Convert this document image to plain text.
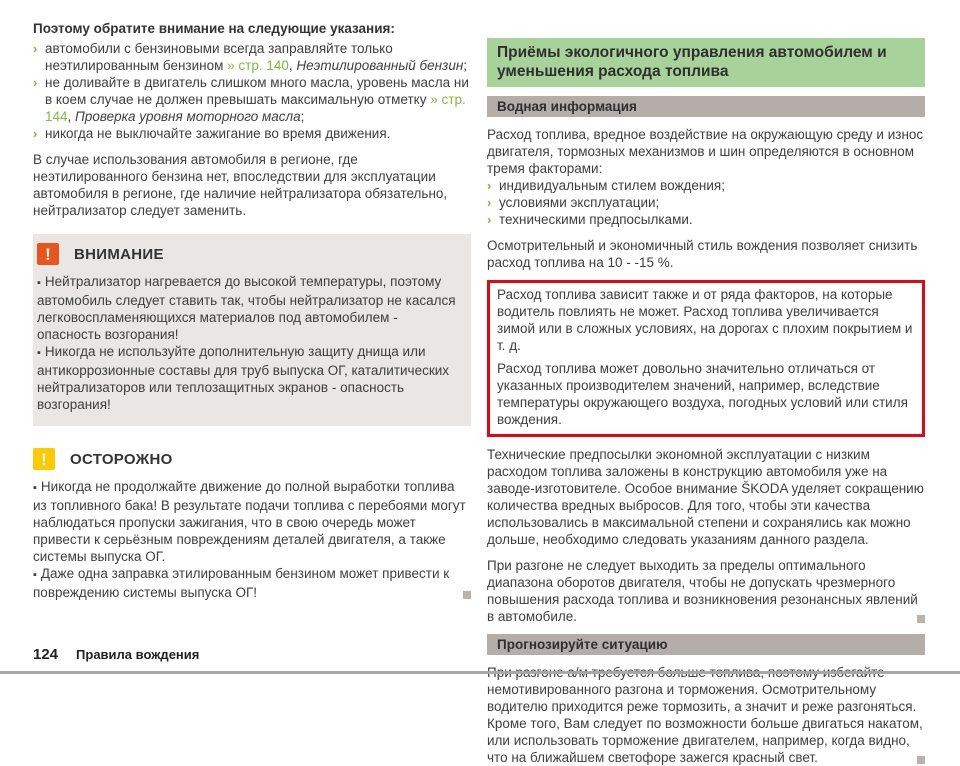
Поэтому обратите внимание на следующие указания:

› автомобили с бензиновыми всегда заправляйте только неэтилированным бензином » стр. 140, Неэтилированный бензин;
› не доливайте в двигатель слишком много масла, уровень масла ни в коем случае не должен превышать максимальную отметку » стр. 144, Проверка уровня моторного масла;
› никогда не выключайте зажигание во время движения.

В случае использования автомобиля в регионе, где неэтилированного бензина нет, впоследствии для эксплуатации автомобиля в регионе, где наличие нейтрализатора обязательно, нейтрализатор следует заменить.

! ВНИМАНИЕ

▪ Нейтрализатор нагревается до высокой температуры, поэтому автомобиль следует ставить так, чтобы нейтрализатор не касался легковоспламеняющихся материалов под автомобилем - опасность возгорания!

▪ Никогда не используйте дополнительную защиту днища или антикоррозионные составы для труб выпуска ОГ, каталитических нейтрализаторов или теплозащитных экранов - опасность возгорания!

! ОСТОРОЖНО

▪ Никогда не продолжайте движение до полной выработки топлива из топливного бака! В результате подачи топлива с перебоями могут наблюдаться пропуски зажигания, что в свою очередь может привести к серьёзным повреждениям деталей двигателя, а также системы выпуска ОГ.

▪ Даже одна заправка этилированным бензином может привести к повреждению системы выпуска ОГ!

Приёмы экологичного управления автомобилем и уменьшения расхода топлива
Водная информация

Расход топлива, вредное воздействие на окружающую среду и износ двигателя, тормозных механизмов и шин определяются в основном тремя факторами:

› индивидуальным стилем вождения;
› условиями эксплуатации;
› техническими предпосылками.

Осмотрительный и экономичный стиль вождения позволяет снизить расход топлива на 10 - -15 %.

Расход топлива зависит также и от ряда факторов, на которые водитель повлиять не может. Расход топлива увеличивается зимой или в сложных условиях, на дорогах с плохим покрытием и т. д.

Расход топлива может довольно значительно отличаться от указанных производителем значений, например, вследствие температуры окружающего воздуха, погодных условий или стиля вождения.

Технические предпосылки экономной эксплуатации с низким расходом топлива заложены в конструкцию автомобиля уже на заводе-изготовителе. Особое внимание ŠKODA уделяет сокращению количества вредных выбросов. Для того, чтобы эти качества использовались в максимальной степени и сохранялись как можно дольше, необходимо следовать указаниям данного раздела.

При разгоне не следует выходить за пределы оптимального диапазона оборотов двигателя, чтобы не допускать чрезмерного повышения расхода топлива и возникновения резонансных явлений в автомобиле.

Прогнозируйте ситуацию

немотивированного разгона и торможения. Осмотрительному водителю приходится реже тормозить, а значит и реже разгоняться. Кроме того, Вам следует по возможности больше двигаться накатом, или использовать торможение двигателем, например, когда видно, что на ближайшем светофоре зажегся красный свет.

124 Правила вождения
